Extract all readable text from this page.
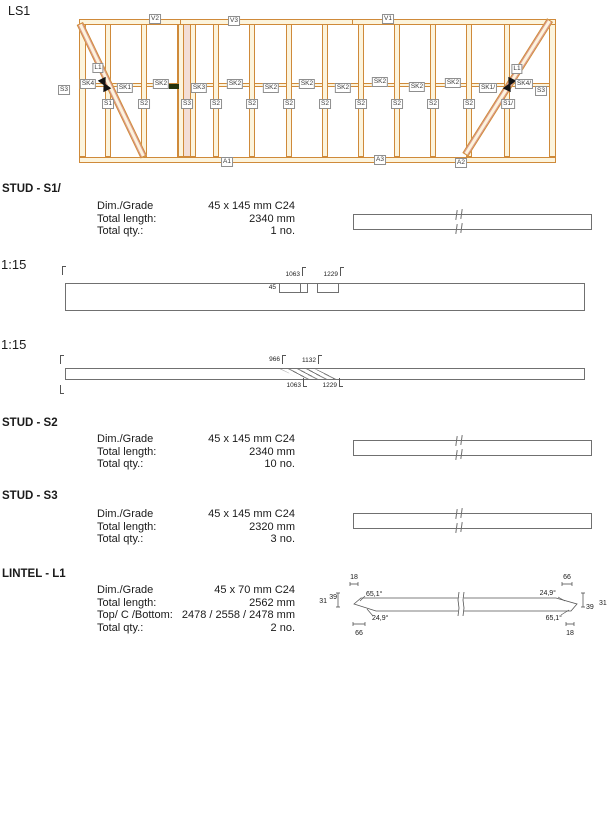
LS1
V2	V3	V1
L1	L1
S3
SK4
SK1
SK2
SK3
SK2
SK2
SK2
SK2
SK2
SK2
SK2
SK1/
SK4/
S3
S1	S2	S3	S2	S2	S2	S2	S2	S2	S2	S2	S1/
A1	A3	A2
STUD - S1/
Dim./Grade	45 x 145 mm C24
Total length:	2340 mm
Total qty.:	1 no.
1:15
45
1063	1229
1:15
966	1132
1063	1229
STUD - S2
Dim./Grade	45 x 145 mm C24
Total length:	2340 mm
Total qty.:	10 no.
STUD - S3
Dim./Grade	45 x 145 mm C24
Total length:	2320 mm
Total qty.:	3 no.
LINTEL - L1
Dim./Grade	45 x 70 mm C24
Total length:	2562 mm
Top/ C /Bottom: 2478 / 2558 / 2478 mm
Total qty.:	2 no.
18
66
66
18
65,1°
24,9°
24,9°
65,1°
31
39
39
31
